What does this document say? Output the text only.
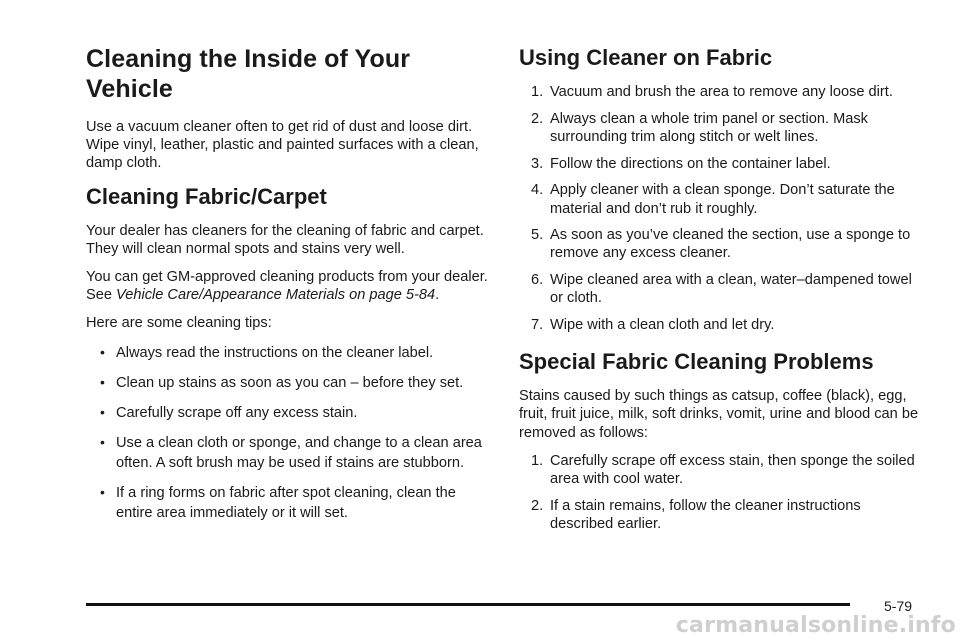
Cleaning the Inside of Your Vehicle

Use a vacuum cleaner often to get rid of dust and loose dirt. Wipe vinyl, leather, plastic and painted surfaces with a clean, damp cloth.

Cleaning Fabric/Carpet

Your dealer has cleaners for the cleaning of fabric and carpet. They will clean normal spots and stains very well.

You can get GM-approved cleaning products from your dealer. See Vehicle Care/Appearance Materials on page 5-84.

Here are some cleaning tips:

• Always read the instructions on the cleaner label.
• Clean up stains as soon as you can – before they set.
• Carefully scrape off any excess stain.
• Use a clean cloth or sponge, and change to a clean area often. A soft brush may be used if stains are stubborn.
• If a ring forms on fabric after spot cleaning, clean the entire area immediately or it will set.
Using Cleaner on Fabric
1. Vacuum and brush the area to remove any loose dirt.
2. Always clean a whole trim panel or section. Mask surrounding trim along stitch or welt lines.
3. Follow the directions on the container label.
4. Apply cleaner with a clean sponge. Don’t saturate the material and don’t rub it roughly.
5. As soon as you’ve cleaned the section, use a sponge to remove any excess cleaner.
6. Wipe cleaned area with a clean, water–dampened towel or cloth.
7. Wipe with a clean cloth and let dry.
Special Fabric Cleaning Problems

Stains caused by such things as catsup, coffee (black), egg, fruit, fruit juice, milk, soft drinks, vomit, urine and blood can be removed as follows:

1. Carefully scrape off excess stain, then sponge the soiled area with cool water.
2. If a stain remains, follow the cleaner instructions described earlier.
5-79
carmanualsonline.info
